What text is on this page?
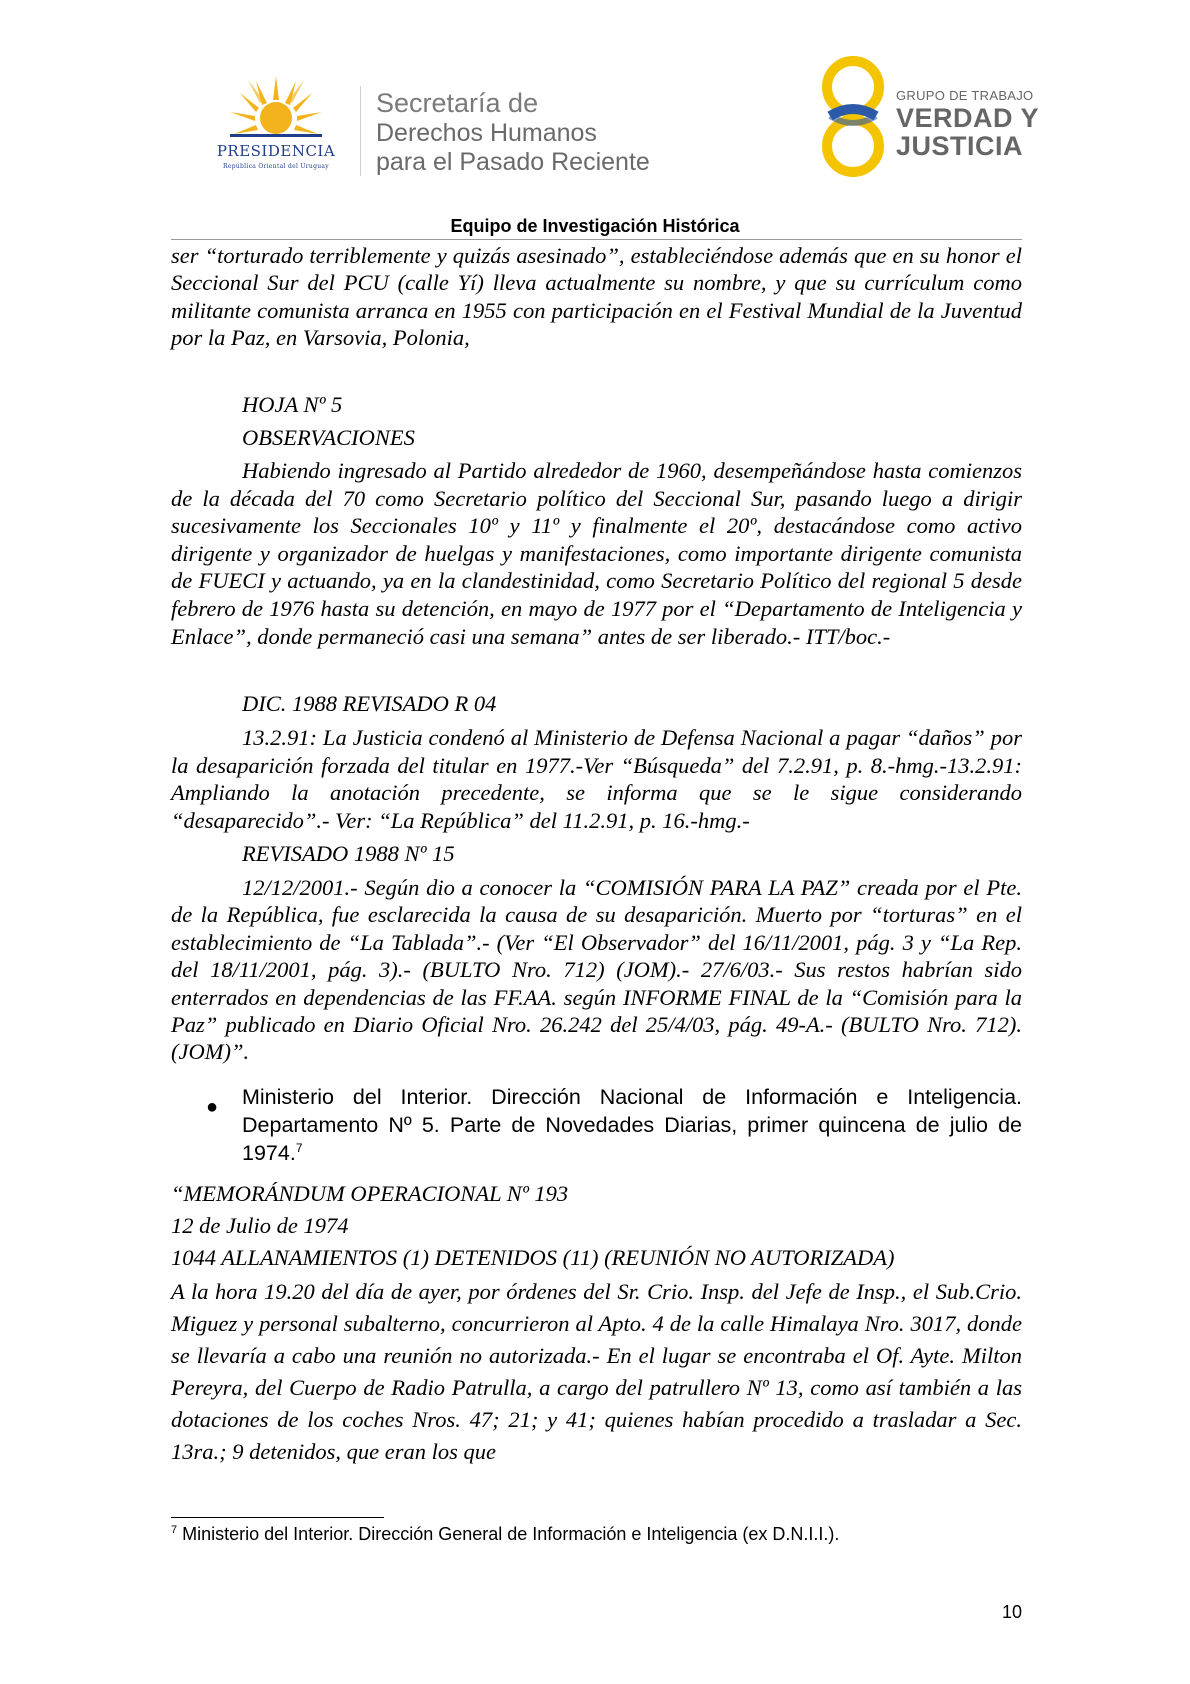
PRESIDENCIA
República Oriental del Uruguay
Secretaría de
Derechos Humanos
para el Pasado Reciente
GRUPO DE TRABAJO
VERDAD Y
JUSTICIA
Equipo de Investigación Histórica
ser “torturado terriblemente y quizás asesinado”, estableciéndose además que en su honor el Seccional Sur del PCU (calle Yí) lleva actualmente su nombre, y que su currículum como militante comunista arranca en 1955 con participación en el Festival Mundial de la Juventud por la Paz, en Varsovia, Polonia,
HOJA Nº 5
OBSERVACIONES
Habiendo ingresado al Partido alrededor de 1960, desempeñándose hasta comienzos de la década del 70 como Secretario político del Seccional Sur, pasando luego a dirigir sucesivamente los Seccionales 10º y 11º y finalmente el 20º, destacándose como activo dirigente y organizador de huelgas y manifestaciones, como importante dirigente comunista de FUECI y actuando, ya en la clandestinidad, como Secretario Político del regional 5 desde febrero de 1976 hasta su detención, en mayo de 1977 por el “Departamento de Inteligencia y Enlace”, donde permaneció casi una semana” antes de ser liberado.- ITT/boc.-
DIC. 1988 REVISADO R 04
13.2.91: La Justicia condenó al Ministerio de Defensa Nacional a pagar “daños” por la desaparición forzada del titular en 1977.-Ver “Búsqueda” del 7.2.91, p. 8.-hmg.-13.2.91: Ampliando la anotación precedente, se informa que se le sigue considerando “desaparecido”.- Ver: “La República” del 11.2.91, p. 16.-hmg.-
REVISADO 1988 Nº 15
12/12/2001.- Según dio a conocer la “COMISIÓN PARA LA PAZ” creada por el Pte. de la República, fue esclarecida la causa de su desaparición. Muerto por “torturas” en el establecimiento de “La Tablada”.- (Ver “El Observador” del 16/11/2001, pág. 3 y “La Rep. del 18/11/2001, pág. 3).- (BULTO Nro. 712) (JOM).- 27/6/03.- Sus restos habrían sido enterrados en dependencias de las FF.AA. según INFORME FINAL de la “Comisión para la Paz” publicado en Diario Oficial Nro. 26.242 del 25/4/03, pág. 49-A.- (BULTO Nro. 712). (JOM)”.
● Ministerio del Interior. Dirección Nacional de Información e Inteligencia. Departamento Nº 5. Parte de Novedades Diarias, primer quincena de julio de 1974.$^7$
“MEMORÁNDUM OPERACIONAL Nº 193
12 de Julio de 1974
1044 ALLANAMIENTOS (1) DETENIDOS (11) (REUNIÓN NO AUTORIZADA)
A la hora 19.20 del día de ayer, por órdenes del Sr. Crio. Insp. del Jefe de Insp., el Sub.Crio. Miguez y personal subalterno, concurrieron al Apto. 4 de la calle Himalaya Nro. 3017, donde se llevaría a cabo una reunión no autorizada.- En el lugar se encontraba el Of. Ayte. Milton Pereyra, del Cuerpo de Radio Patrulla, a cargo del patrullero Nº 13, como así también a las dotaciones de los coches Nros. 47; 21; y 41; quienes habían procedido a trasladar a Sec. 13ra.; 9 detenidos, que eran los que
$^7$ Ministerio del Interior. Dirección General de Información e Inteligencia (ex D.N.I.I.).
10
